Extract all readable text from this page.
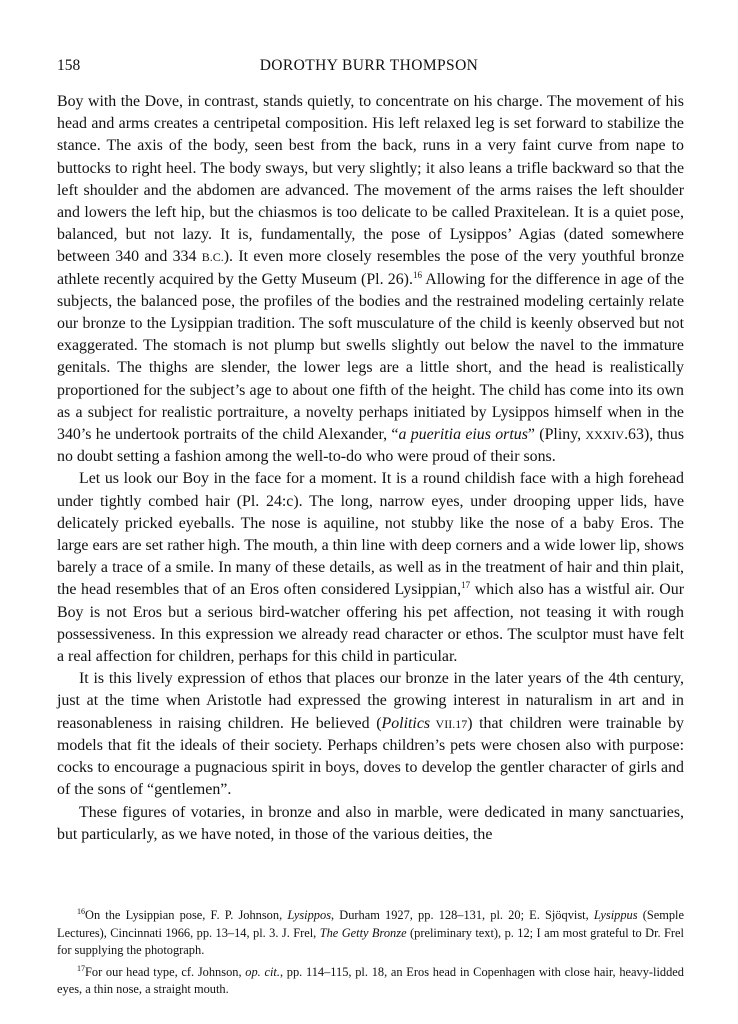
158	DOROTHY BURR THOMPSON

Boy with the Dove, in contrast, stands quietly, to concentrate on his charge. The movement of his head and arms creates a centripetal composition. His left relaxed leg is set forward to stabilize the stance. The axis of the body, seen best from the back, runs in a very faint curve from nape to buttocks to right heel. The body sways, but very slightly; it also leans a trifle backward so that the left shoulder and the abdomen are advanced. The movement of the arms raises the left shoulder and lowers the left hip, but the chiasmos is too delicate to be called Praxitelean. It is a quiet pose, balanced, but not lazy. It is, fundamentally, the pose of Lysippos’ Agias (dated somewhere between 340 and 334 B.C.). It even more closely resembles the pose of the very youthful bronze athlete recently acquired by the Getty Museum (Pl. 26).$^{16}$ Allowing for the difference in age of the subjects, the balanced pose, the profiles of the bodies and the restrained modeling certainly relate our bronze to the Lysippian tradition. The soft musculature of the child is keenly observed but not exaggerated. The stomach is not plump but swells slightly out below the navel to the immature genitals. The thighs are slender, the lower legs are a little short, and the head is realistically proportioned for the subject’s age to about one fifth of the height. The child has come into its own as a subject for realistic portraiture, a novelty perhaps initiated by Lysippos himself when in the 340’s he undertook portraits of the child Alexander, “a pueritia eius ortus” (Pliny, XXXIV.63), thus no doubt setting a fashion among the well-to-do who were proud of their sons.

Let us look our Boy in the face for a moment. It is a round childish face with a high forehead under tightly combed hair (Pl. 24:c). The long, narrow eyes, under drooping upper lids, have delicately pricked eyeballs. The nose is aquiline, not stubby like the nose of a baby Eros. The large ears are set rather high. The mouth, a thin line with deep corners and a wide lower lip, shows barely a trace of a smile. In many of these details, as well as in the treatment of hair and thin plait, the head resembles that of an Eros often considered Lysippian,$^{17}$ which also has a wistful air. Our Boy is not Eros but a serious bird-watcher offering his pet affection, not teasing it with rough possessiveness. In this expression we already read character or ethos. The sculptor must have felt a real affection for children, perhaps for this child in particular.

It is this lively expression of ethos that places our bronze in the later years of the 4th century, just at the time when Aristotle had expressed the growing interest in naturalism in art and in reasonableness in raising children. He believed (Politics VII.17) that children were trainable by models that fit the ideals of their society. Perhaps children’s pets were chosen also with purpose: cocks to encourage a pugnacious spirit in boys, doves to develop the gentler character of girls and of the sons of “gentlemen”.

These figures of votaries, in bronze and also in marble, were dedicated in many sanctuaries, but particularly, as we have noted, in those of the various deities, the

$^{16}$On the Lysippian pose, F. P. Johnson, Lysippos, Durham 1927, pp. 128–131, pl. 20; E. Sjöqvist, Lysippus (Semple Lectures), Cincinnati 1966, pp. 13–14, pl. 3. J. Frel, The Getty Bronze (preliminary text), p. 12; I am most grateful to Dr. Frel for supplying the photograph.

$^{17}$For our head type, cf. Johnson, op. cit., pp. 114–115, pl. 18, an Eros head in Copenhagen with close hair, heavy-lidded eyes, a thin nose, a straight mouth.
